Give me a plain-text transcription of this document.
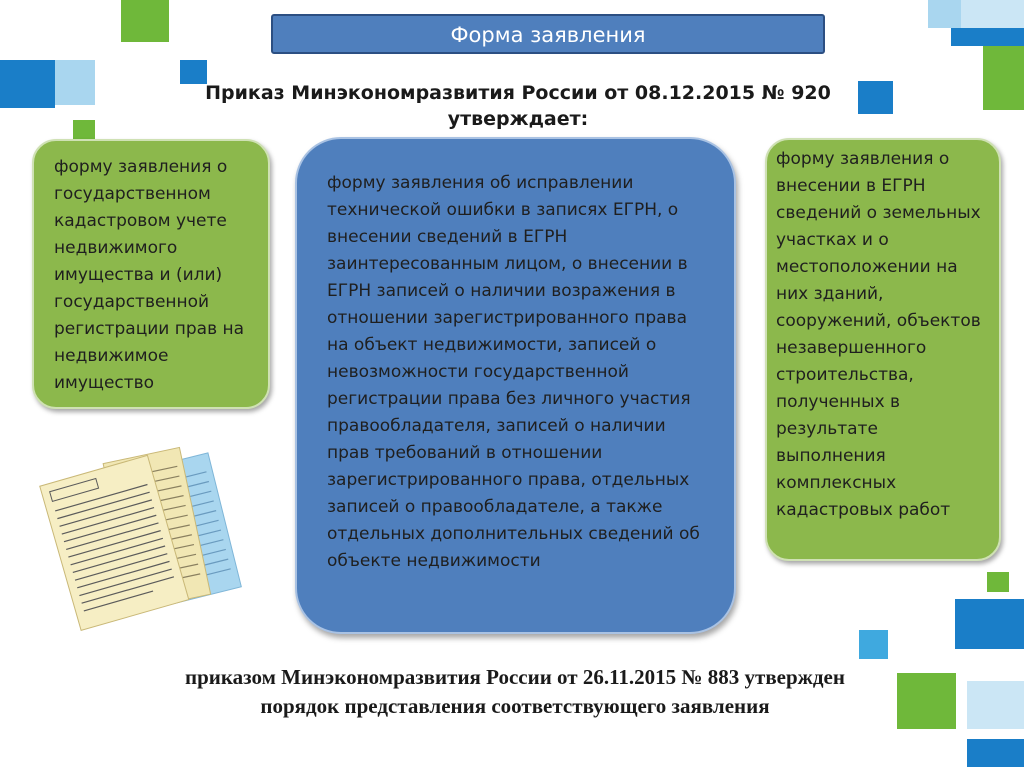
Форма заявления
Приказ Минэкономразвития России от 08.12.2015 № 920 утверждает:
форму заявления о государственном кадастровом учете недвижимого имущества и (или) государственной регистрации прав на недвижимое имущество
форму заявления об исправлении технической ошибки в записях ЕГРН, о внесении сведений в ЕГРН заинтересованным лицом, о внесении в ЕГРН записей о наличии возражения в отношении зарегистрированного права на объект недвижимости, записей о невозможности государственной регистрации права без личного участия правообладателя, записей о наличии прав требований в отношении зарегистрированного права, отдельных записей о правообладателе, а также отдельных дополнительных сведений об объекте недвижимости
форму заявления о внесении в ЕГРН сведений о земельных участках и о местоположении на них зданий, сооружений, объектов незавершенного строительства, полученных в результате выполнения комплексных кадастровых работ
приказом Минэкономразвития России от 26.11.2015 № 883 утвержден порядок представления соответствующего заявления
